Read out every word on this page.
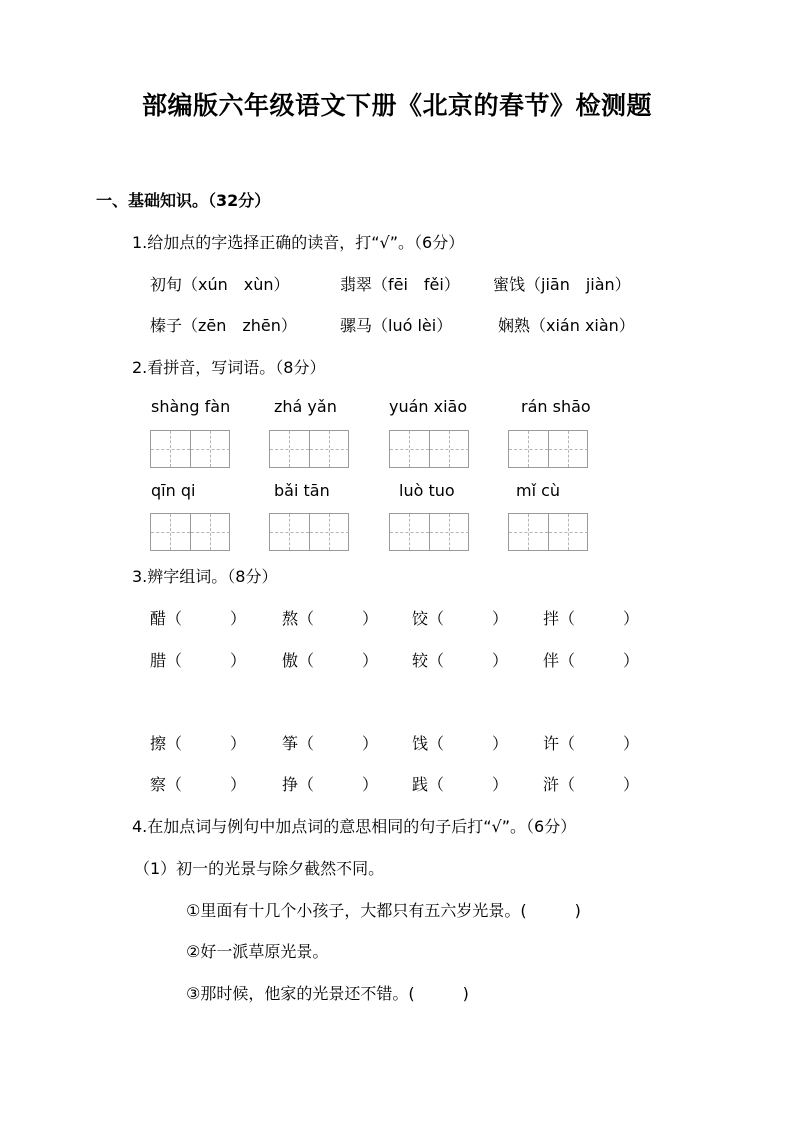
部编版六年级语文下册《北京的春节》检测题
一、基础知识。（32分）
1.给加点的字选择正确的读音，打“√”。（6分）
初旬（xún　xùn）	翡翠（fēi　fěi） 蜜饯（jiān　jiàn）
榛子（zēn　zhēn）	骡马（luó lèi）	娴熟（xián xiàn）
2.看拼音，写词语。（8分）
shàng fàn	zhá yǎn	yuán xiāo	rán shāo
qīn qi	bǎi tān	luò tuo	mǐ cù
3.辨字组词。（8分）
醋（　　　） 熬（　　　） 饺（　　　） 拌（　　　）
腊（　　　） 傲（　　　） 较（　　　） 伴（　　　）
擦（　　　） 筝（　　　） 饯（　　　） 许（　　　）
察（　　　） 挣（　　　） 践（　　　） 浒（　　　）
4.在加点词与例句中加点词的意思相同的句子后打“√”。（6分）
（1）初一的光景与除夕截然不同。
①里面有十几个小孩子，大都只有五六岁光景。(　　　)
②好一派草原光景。
③那时候，他家的光景还不错。(　　　)
